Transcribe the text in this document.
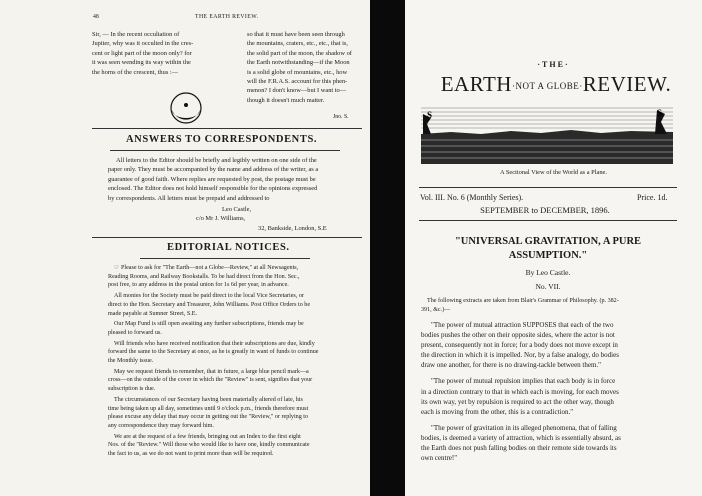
48	THE EARTH REVIEW.
Sir, — In the recent occultation of
Jupiter, why was it occulted in the cres-
cent or light part of the moon only? for
it was seen wending its way within the
the horns of the crescent, thus :—
so that it must have been seen through
the mountains, craters, etc., etc., that is,
the solid part of the moon, the shadow of
the Earth notwithstanding—if the Moon
is a solid globe of mountains, etc., how
will the F.R.A.S. account for this phen-
menon? I don't know—but I want to—
though it doesn't much matter.
Jno. S.
ANSWERS TO CORRESPONDENTS.
All letters to the Editor should be briefly and legibly written on one side of the
paper only. They must be accompanied by the name and address of the writer, as a
guarantee of good faith. Where replies are requested by post, the postage must be
enclosed. The Editor does not hold himself responsible for the opinions expressed
by correspondents. All letters must be prepaid and addressed to
Leo Castle,
c/o Mr J. Williams,
32, Bankside, London, S.E
EDITORIAL NOTICES.
☞ Please to ask for "The Earth—not a Globe—Review," at all Newsagents,
Reading Rooms, and Railway Bookstalls. To be had direct from the Hon. Sec.,
post free, to any address in the postal union for 1s 6d per year, in advance.
All monies for the Society must be paid direct to the local Vice Secretaries, or
direct to the Hon. Secretary and Treasurer, John Williams. Post Office Orders to be
made payable at Sumner Street, S.E.
Our Map Fund is still open awaiting any further subscriptions, friends may be
pleased to forward us.
Will friends who have received notification that their subscriptions are due, kindly
forward the same to the Secretary at once, as he is greatly in want of funds to continue
the Monthly issue.
May we request friends to remember, that in future, a large blue pencil mark—a
cross—on the outside of the cover in which the "Review" is sent, signifies that your
subscription is due.
The circumstances of our Secretary having been materially altered of late, his
time being taken up all day, sometimes until 9 o'clock p.m., friends therefore must
please excuse any delay that may occur in getting out the "Review," or replying to
any correspondence they may forward him.
We are at the request of a few friends, bringing out an Index to the first eight
Nos. of the "Review." Will those who would like to have one, kindly communicate
the fact to us, as we do not want to print more than will be required.
·THE·
EARTH·NOT A GLOBE·REVIEW.
S	S
A Sectional View of the World as a Plane.
Vol. III. No. 6 (Monthly Series).	Price. 1d.
SEPTEMBER to DECEMBER, 1896.
"UNIVERSAL GRAVITATION, A PURE
ASSUMPTION."
By Leo Castle.
No. VII.
The following extracts are taken from Blair's Grammar of Philosophy. (p. 382-
391, &c.)—
"The power of mutual attraction SUPPOSES that each of the two
bodies pushes the other on their opposite sides, where the actor is not
present, consequently not in force; for a body does not move except in
the direction in which it is impelled. Nor, by a false analogy, do bodies
draw one another, for there is no drawing-tackle between them."
"The power of mutual repulsion implies that each body is in force
in a direction contrary to that in which each is moving, for each moves
its own way, yet by repulsion is required to act the other way, though
each is moving from the other, this is a contradiction."
"The power of gravitation in its alleged phenomena, that of falling
bodies, is deemed a variety of attraction, which is essentially absurd, as
the Earth does not push falling bodies on their remote side towards its
own centre!"
